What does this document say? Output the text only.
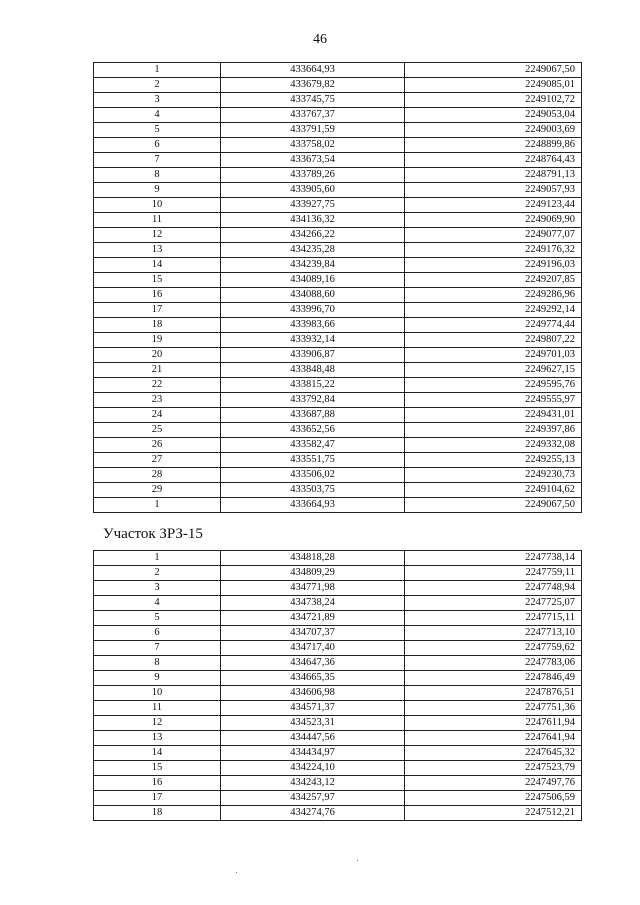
46
1	433664,93	2249067,50
2	433679,82	2249085,01
3	433745,75	2249102,72
4	433767,37	2249053,04
5	433791,59	2249003,69
6	433758,02	2248899,86
7	433673,54	2248764,43
8	433789,26	2248791,13
9	433905,60	2249057,93
10	433927,75	2249123,44
11	434136,32	2249069,90
12	434266,22	2249077,07
13	434235,28	2249176,32
14	434239,84	2249196,03
15	434089,16	2249207,85
16	434088,60	2249286,96
17	433996,70	2249292,14
18	433983,66	2249774,44
19	433932,14	2249807,22
20	433906,87	2249701,03
21	433848,48	2249627,15
22	433815,22	2249595,76
23	433792,84	2249555,97
24	433687,88	2249431,01
25	433652,56	2249397,86
26	433582,47	2249332,08
27	433551,75	2249255,13
28	433506,02	2249230,73
29	433503,75	2249104,62
1	433664,93	2249067,50
Участок ЗРЗ-15
1	434818,28	2247738,14
2	434809,29	2247759,11
3	434771,98	2247748,94
4	434738,24	2247725,07
5	434721,89	2247715,11
6	434707,37	2247713,10
7	434717,40	2247759,62
8	434647,36	2247783,06
9	434665,35	2247846,49
10	434606,98	2247876,51
11	434571,37	2247751,36
12	434523,31	2247611,94
13	434447,56	2247641,94
14	434434,97	2247645,32
15	434224,10	2247523,79
16	434243,12	2247497,76
17	434257,97	2247506,59
18	434274,76	2247512,21
